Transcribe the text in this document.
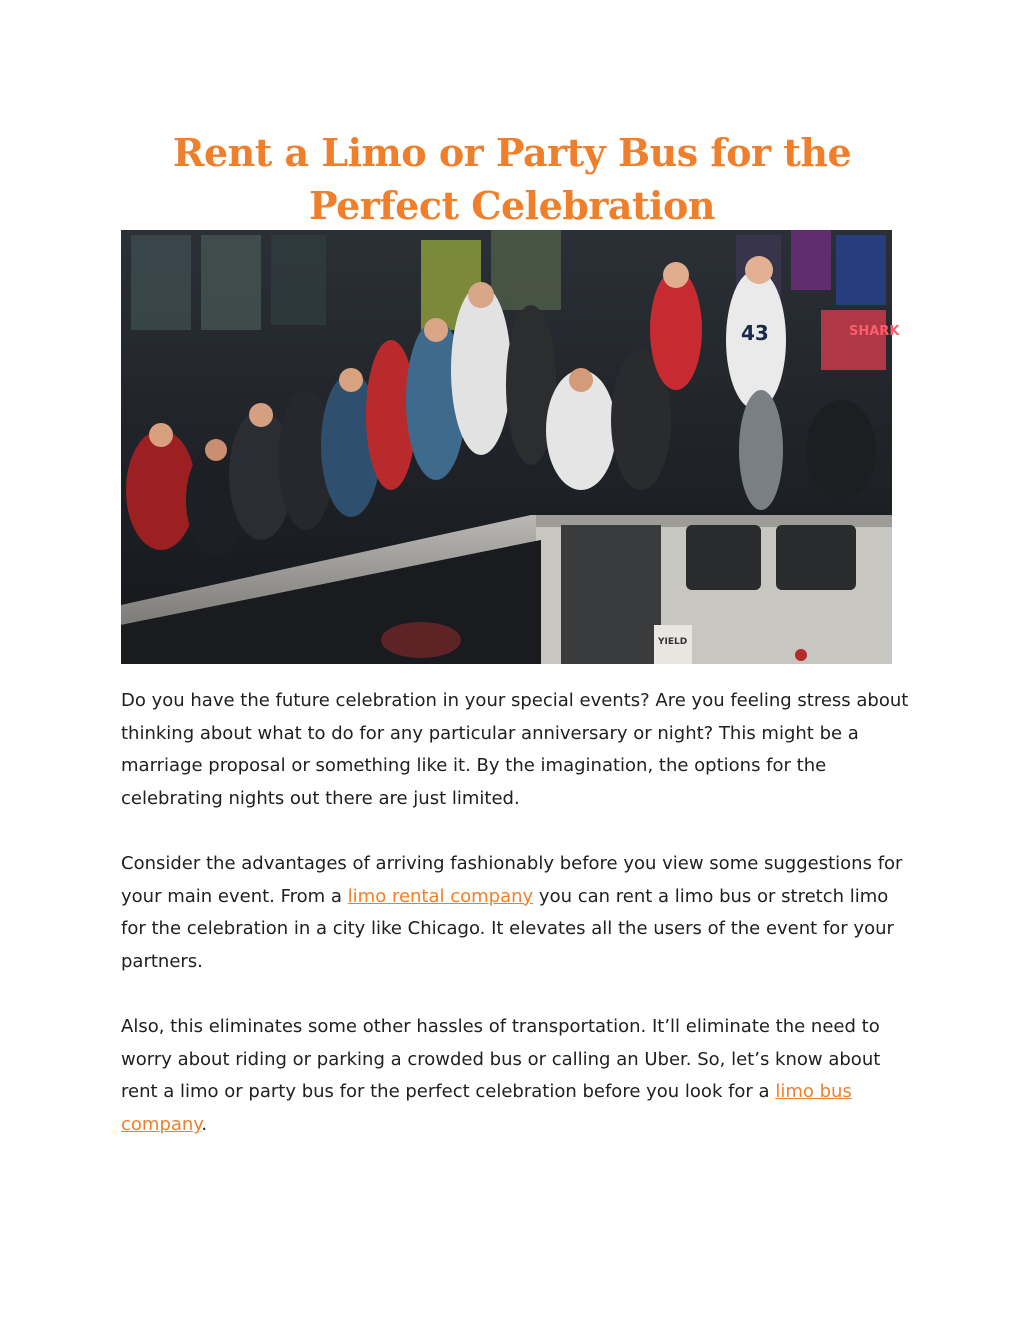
Rent a Limo or Party Bus for the
Perfect Celebration
SHARK
43
YIELD

Do you have the future celebration in your special events? Are you feeling stress about thinking about what to do for any particular anniversary or night? This might be a marriage proposal or something like it. By the imagination, the options for the celebrating nights out there are just limited.

Consider the advantages of arriving fashionably before you view some suggestions for your main event. From a limo rental company you can rent a limo bus or stretch limo for the celebration in a city like Chicago. It elevates all the users of the event for your partners.

Also, this eliminates some other hassles of transportation. It’ll eliminate the need to worry about riding or parking a crowded bus or calling an Uber. So, let’s know about rent a limo or party bus for the perfect celebration before you look for a limo bus company.
